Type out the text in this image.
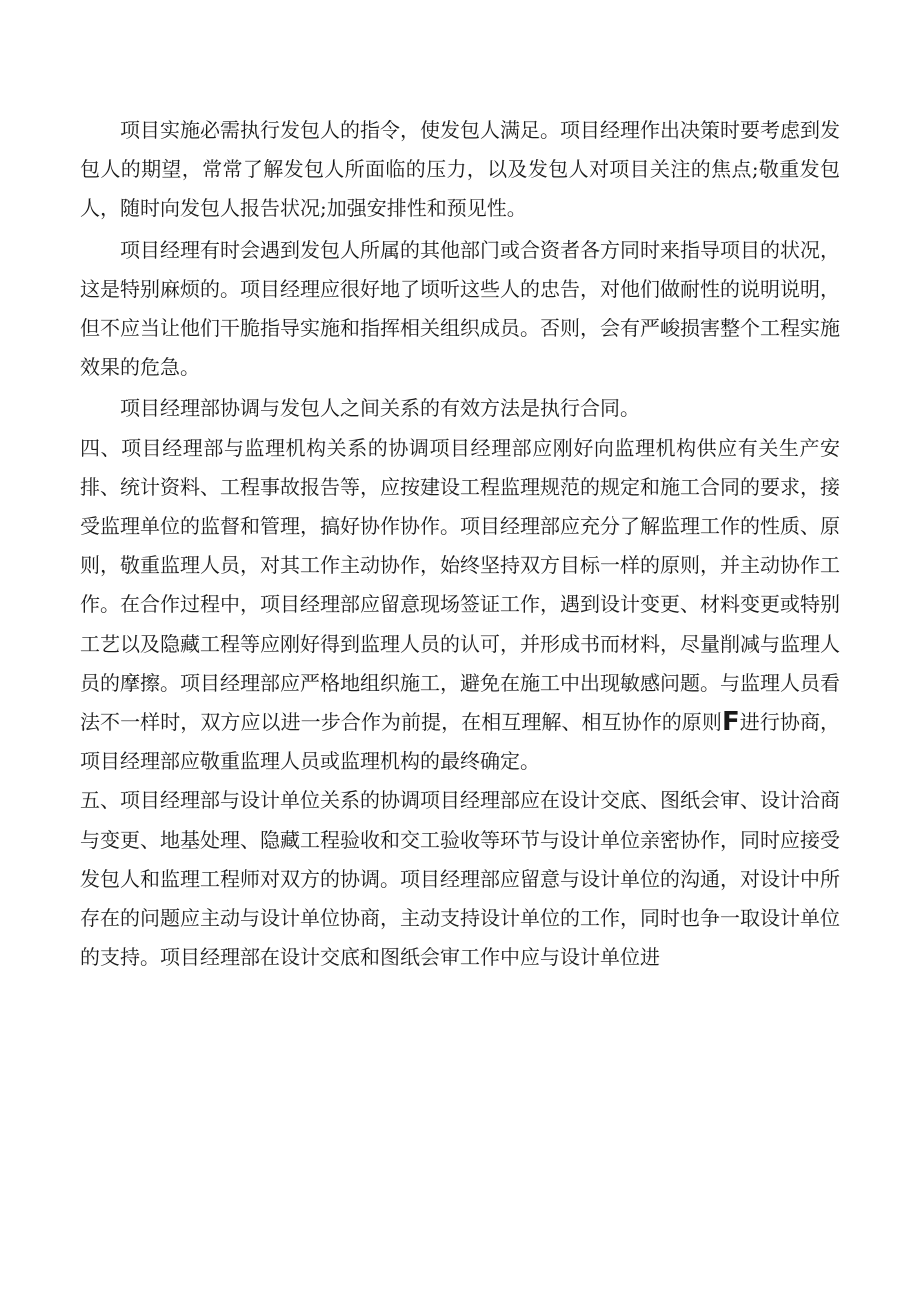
项目实施必需执行发包人的指令，使发包人满足。项目经理作出决策时要考虑到发包人的期望，常常了解发包人所面临的压力，以及发包人对项目关注的焦点;敬重发包人，随时向发包人报告状况;加强安排性和预见性。

项目经理有时会遇到发包人所属的其他部门或合资者各方同时来指导项目的状况，这是特别麻烦的。项目经理应很好地了顷听这些人的忠告，对他们做耐性的说明说明，但不应当让他们干脆指导实施和指挥相关组织成员。否则，会有严峻损害整个工程实施效果的危急。

项目经理部协调与发包人之间关系的有效方法是执行合同。

四、项目经理部与监理机构关系的协调项目经理部应刚好向监理机构供应有关生产安排、统计资料、工程事故报告等，应按建设工程监理规范的规定和施工合同的要求，接受监理单位的监督和管理，搞好协作协作。项目经理部应充分了解监理工作的性质、原则，敬重监理人员，对其工作主动协作，始终坚持双方目标一样的原则，并主动协作工作。在合作过程中，项目经理部应留意现场签证工作，遇到设计变更、材料变更或特别工艺以及隐藏工程等应刚好得到监理人员的认可，并形成书而材料，尽量削减与监理人员的摩擦。项目经理部应严格地组织施工，避免在施工中出现敏感问题。与监理人员看法不一样时，双方应以进一步合作为前提，在相互理解、相互协作的原则F进行协商，项目经理部应敬重监理人员或监理机构的最终确定。

五、项目经理部与设计单位关系的协调项目经理部应在设计交底、图纸会审、设计洽商与变更、地基处理、隐藏工程验收和交工验收等环节与设计单位亲密协作，同时应接受发包人和监理工程师对双方的协调。项目经理部应留意与设计单位的沟通，对设计中所存在的问题应主动与设计单位协商，主动支持设计单位的工作，同时也争一取设计单位的支持。项目经理部在设计交底和图纸会审工作中应与设计单位进
